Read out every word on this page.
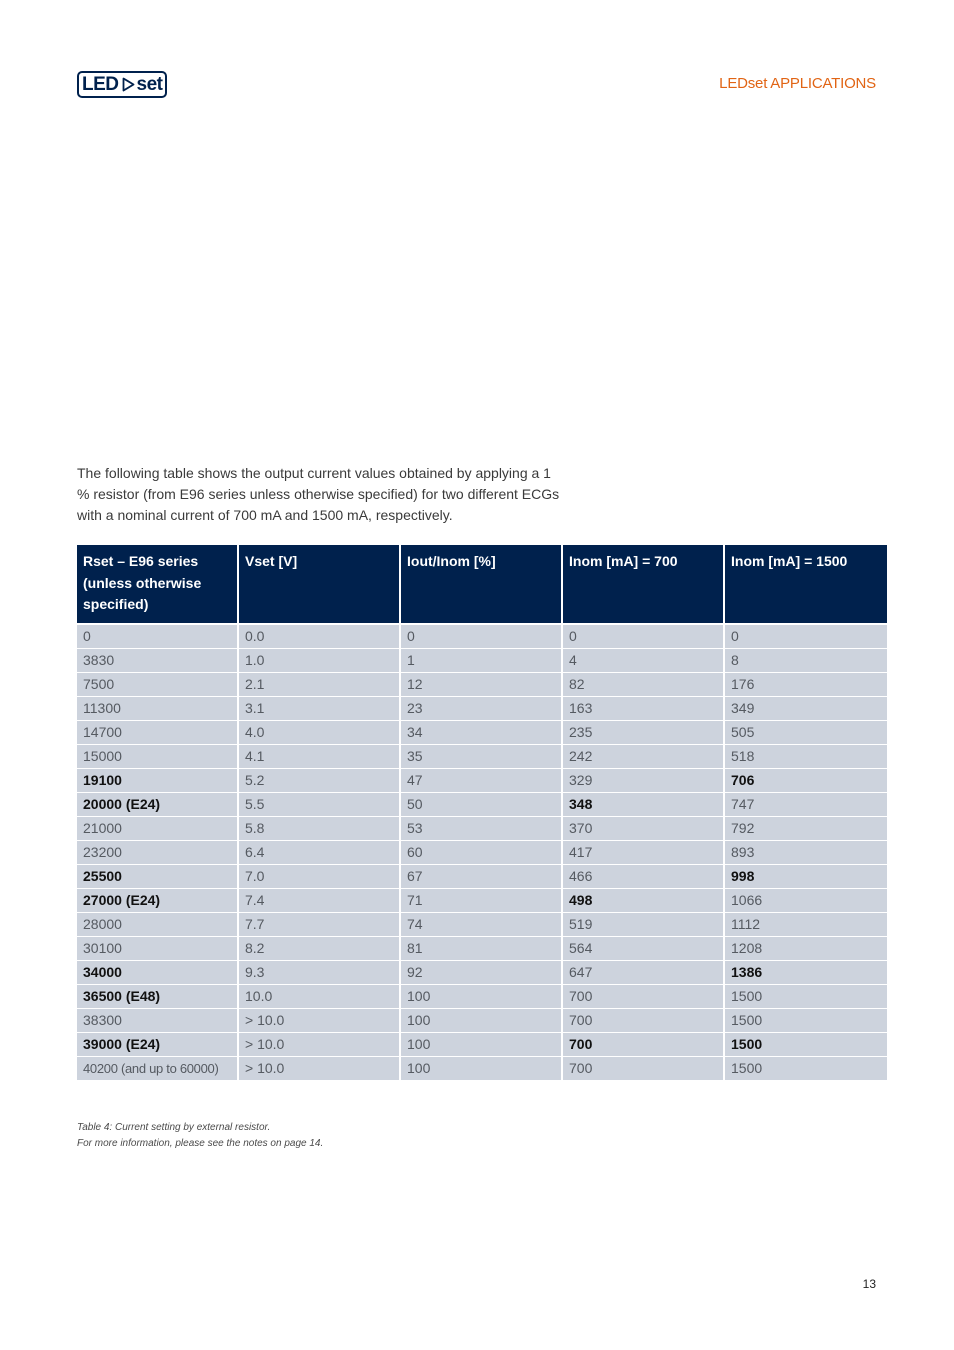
LED set	LEDset APPLICATIONS

The following table shows the output current values obtained by applying a 1 % resistor (from E96 series unless otherwise specified) for two different ECGs with a nominal current of 700 mA and 1500 mA, respectively.

Rset – E96 series (unless otherwise specified)	Vset [V]	Iout/Inom [%]	Inom [mA] = 700	Inom [mA] = 1500
0	0.0	0	0	0
3830	1.0	1	4	8
7500	2.1	12	82	176
11300	3.1	23	163	349
14700	4.0	34	235	505
15000	4.1	35	242	518
19100	5.2	47	329	706
20000 (E24)	5.5	50	348	747
21000	5.8	53	370	792
23200	6.4	60	417	893
25500	7.0	67	466	998
27000 (E24)	7.4	71	498	1066
28000	7.7	74	519	1112
30100	8.2	81	564	1208
34000	9.3	92	647	1386
36500 (E48)	10.0	100	700	1500
38300	> 10.0	100	700	1500
39000 (E24)	> 10.0	100	700	1500
40200 (and up to 60000)	> 10.0	100	700	1500
Table 4: Current setting by external resistor.
For more information, please see the notes on page 14.
13
